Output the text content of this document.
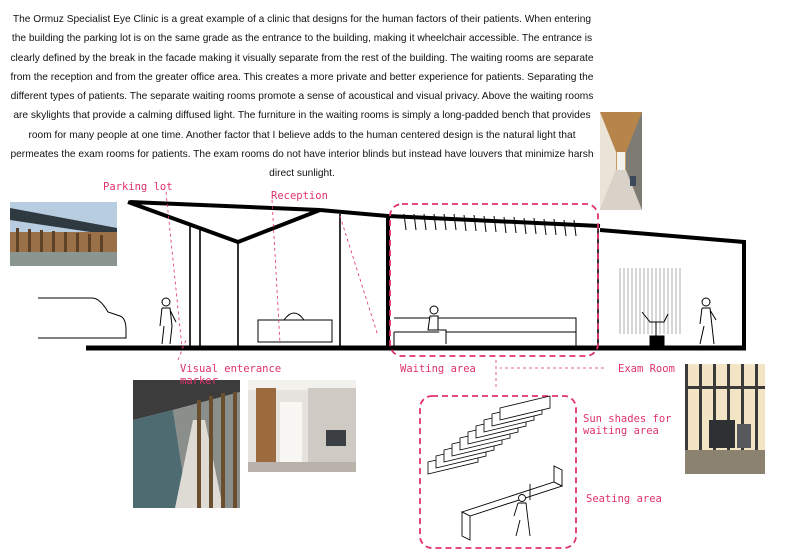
The Ormuz Specialist Eye Clinic is a great example of a clinic that designs for the human factors of their patients. When entering the building the parking lot is on the same grade as the entrance to the building, making it wheelchair accessible. The entrance is clearly defined by the break in the facade making it visually separate from the rest of the building. The waiting rooms are separate from the reception and from the greater office area. This creates a more private and better experience for patients. Separating the different types of patients. The separate waiting rooms promote a sense of acoustical and visual privacy. Above the waiting rooms are skylights that provide a calming diffused light. The furniture in the waiting rooms is simply a long-padded bench that provides room for many people at one time. Another factor that I believe adds to the human centered design is the natural light that permeates the exam rooms for patients. The exam rooms do not have interior blinds but instead have louvers that minimize harsh direct sunlight.

Parking lot
Reception
Visual enterance marker
Waiting area	Exam Room
Sun shades for waiting area
Seating area
